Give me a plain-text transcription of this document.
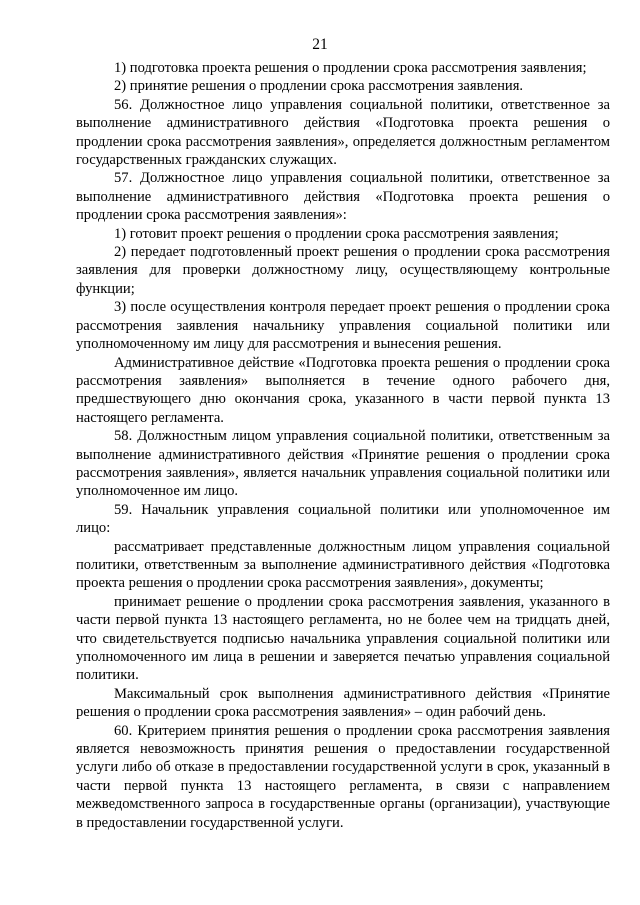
21

1) подготовка проекта решения о продлении срока рассмотрения заявления;

2) принятие решения о продлении срока рассмотрения заявления.

56. Должностное лицо управления социальной политики, ответственное за выполнение административного действия «Подготовка проекта решения о продлении срока рассмотрения заявления», определяется должностным регламентом государственных гражданских служащих.

57. Должностное лицо управления социальной политики, ответственное за выполнение административного действия «Подготовка проекта решения о продлении срока рассмотрения заявления»:

1) готовит проект решения о продлении срока рассмотрения заявления;

2) передает подготовленный проект решения о продлении срока рассмотрения заявления для проверки должностному лицу, осуществляющему контрольные функции;

3) после осуществления контроля передает проект решения о продлении срока рассмотрения заявления начальнику управления социальной политики или уполномоченному им лицу для рассмотрения и вынесения решения.

Административное действие «Подготовка проекта решения о продлении срока рассмотрения заявления» выполняется в течение одного рабочего дня, предшествующего дню окончания срока, указанного в части первой пункта 13 настоящего регламента.

58. Должностным лицом управления социальной политики, ответственным за выполнение административного действия «Принятие решения о продлении срока рассмотрения заявления», является начальник управления социальной политики или уполномоченное им лицо.

59. Начальник управления социальной политики или уполномоченное им лицо:

рассматривает представленные должностным лицом управления социальной политики, ответственным за выполнение административного действия «Подготовка проекта решения о продлении срока рассмотрения заявления», документы;

принимает решение о продлении срока рассмотрения заявления, указанного в части первой пункта 13 настоящего регламента, но не более чем на тридцать дней, что свидетельствуется подписью начальника управления социальной политики или уполномоченного им лица в решении и заверяется печатью управления социальной политики.

Максимальный срок выполнения административного действия «Принятие решения о продлении срока рассмотрения заявления» – один рабочий день.

60. Критерием принятия решения о продлении срока рассмотрения заявления является невозможность принятия решения о предоставлении государственной услуги либо об отказе в предоставлении государственной услуги в срок, указанный в части первой пункта 13 настоящего регламента, в связи с направлением межведомственного запроса в государственные органы (организации), участвующие в предоставлении государственной услуги.
